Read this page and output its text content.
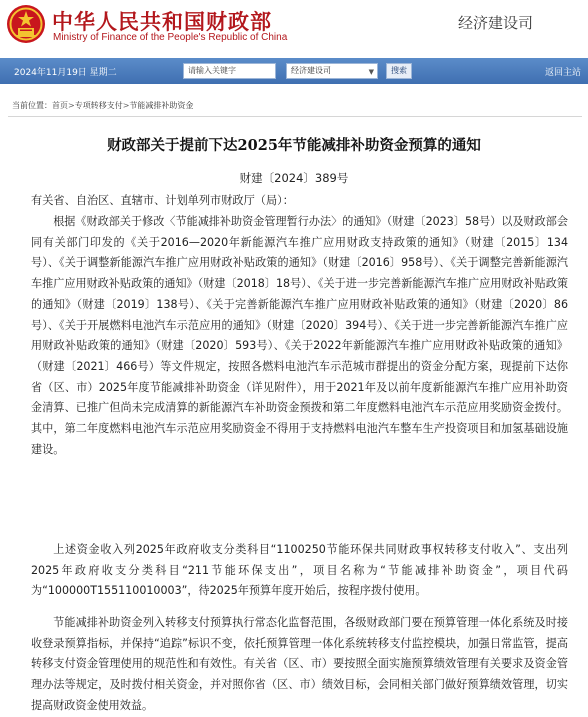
中华人民共和国财政部
Ministry of Finance of the People's Republic of China
经济建设司
2024年11月19日 星期二	请输入关键字	经济建设司	▼	搜索	返回主站
当前位置：首页>专项转移支付>节能减排补助资金
财政部关于提前下达2025年节能减排补助资金预算的通知
财建〔2024〕389号
有关省、自治区、直辖市、计划单列市财政厅（局）：
根据《财政部关于修改〈节能减排补助资金管理暂行办法〉的通知》（财建〔2023〕58号）以及财政部会同有关部门印发的《关于2016—2020年新能源汽车推广应用财政支持政策的通知》（财建〔2015〕134号）、《关于调整新能源汽车推广应用财政补贴政策的通知》（财建〔2016〕958号）、《关于调整完善新能源汽车推广应用财政补贴政策的通知》（财建〔2018〕18号）、《关于进一步完善新能源汽车推广应用财政补贴政策的通知》（财建〔2019〕138号）、《关于完善新能源汽车推广应用财政补贴政策的通知》（财建〔2020〕86号）、《关于开展燃料电池汽车示范应用的通知》（财建〔2020〕394号）、《关于进一步完善新能源汽车推广应用财政补贴政策的通知》（财建〔2020〕593号）、《关于2022年新能源汽车推广应用财政补贴政策的通知》（财建〔2021〕466号）等文件规定，按照各燃料电池汽车示范城市群提出的资金分配方案，现提前下达你省（区、市）2025年度节能减排补助资金（详见附件），用于2021年及以前年度新能源汽车推广应用补助资金清算、已推广但尚未完成清算的新能源汽车补助资金预拨和第二年度燃料电池汽车示范应用奖励资金拨付。其中，第二年度燃料电池汽车示范应用奖励资金不得用于支持燃料电池汽车整车生产投资项目和加氢基础设施建设。
上述资金收入列2025年政府收支分类科目“1100250节能环保共同财政事权转移支付收入”、支出列2025年政府收支分类科目“211节能环保支出”，项目名称为“节能减排补助资金”，项目代码为“100000T155110010003”，待2025年预算年度开始后，按程序拨付使用。
节能减排补助资金列入转移支付预算执行常态化监督范围，各级财政部门要在预算管理一体化系统及时接收登录预算指标，并保持“追踪”标识不变，依托预算管理一体化系统转移支付监控模块，加强日常监管，提高转移支付资金管理使用的规范性和有效性。有关省（区、市）要按照全面实施预算绩效管理有关要求及资金管理办法等规定，及时拨付相关资金，并对照你省（区、市）绩效目标，会同相关部门做好预算绩效管理，切实提高财政资金使用效益。
